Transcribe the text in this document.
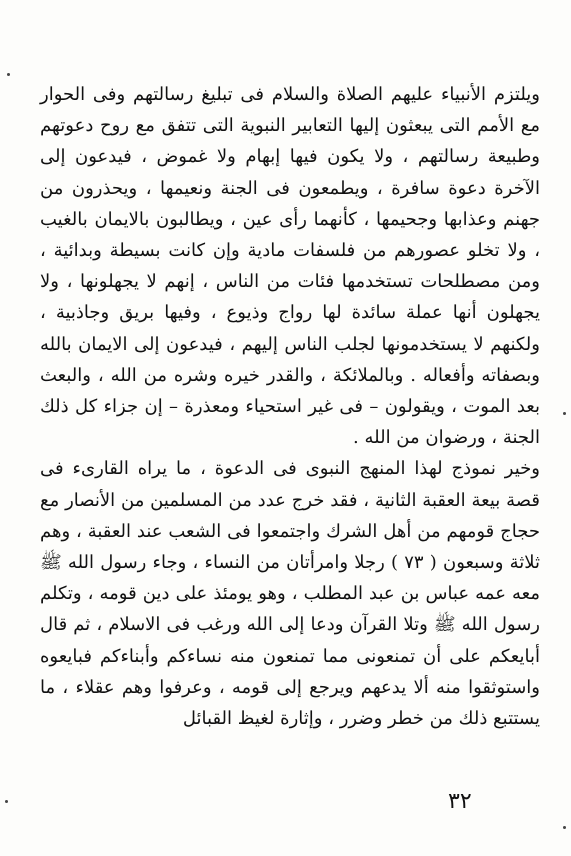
ويلتزم الأنبياء عليهم الصلاة والسلام فى تبليغ رسالتهم وفى الحوار مع الأمم التى يبعثون إليها التعابير النبوية التى تتفق مع روح دعوتهم وطبيعة رسالتهم ، ولا يكون فيها إبهام ولا غموض ، فيدعون إلى الآخرة دعوة سافرة ، ويطمعون فى الجنة ونعيمها ، ويحذرون من جهنم وعذابها وجحيمها ، كأنهما رأى عين ، ويطالبون بالايمان بالغيب ، ولا تخلو عصورهم من فلسفات مادية وإن كانت بسيطة وبدائية ، ومن مصطلحات تستخدمها فئات من الناس ، إنهم لا يجهلونها ، ولا يجهلون أنها عملة سائدة لها رواج وذيوع ، وفيها بريق وجاذبية ، ولكنهم لا يستخدمونها لجلب الناس إليهم ، فيدعون إلى الايمان بالله وبصفاته وأفعاله . وبالملائكة ، والقدر خيره وشره من الله ، والبعث بعد الموت ، ويقولون – فى غير استحياء ومعذرة – إن جزاء كل ذلك الجنة ، ورضوان من الله .

وخير نموذج لهذا المنهج النبوى فى الدعوة ، ما يراه القارىء فى قصة بيعة العقبة الثانية ، فقد خرج عدد من المسلمين من الأنصار مع حجاج قومهم من أهل الشرك واجتمعوا فى الشعب عند العقبة ، وهم ثلاثة وسبعون ( ٧٣ ) رجلا وامرأتان من النساء ، وجاء رسول الله ﷺ معه عمه عباس بن عبد المطلب ، وهو يومئذ على دين قومه ، وتكلم رسول الله ﷺ وتلا القرآن ودعا إلى الله ورغب فى الاسلام ، ثم قال أبايعكم على أن تمنعونى مما تمنعون منه نساءكم وأبناءكم فبايعوه واستوثقوا منه ألا يدعهم ويرجع إلى قومه ، وعرفوا وهم عقلاء ، ما يستتبع ذلك من خطر وضرر ، وإثارة لغيظ القبائل

٣٢
